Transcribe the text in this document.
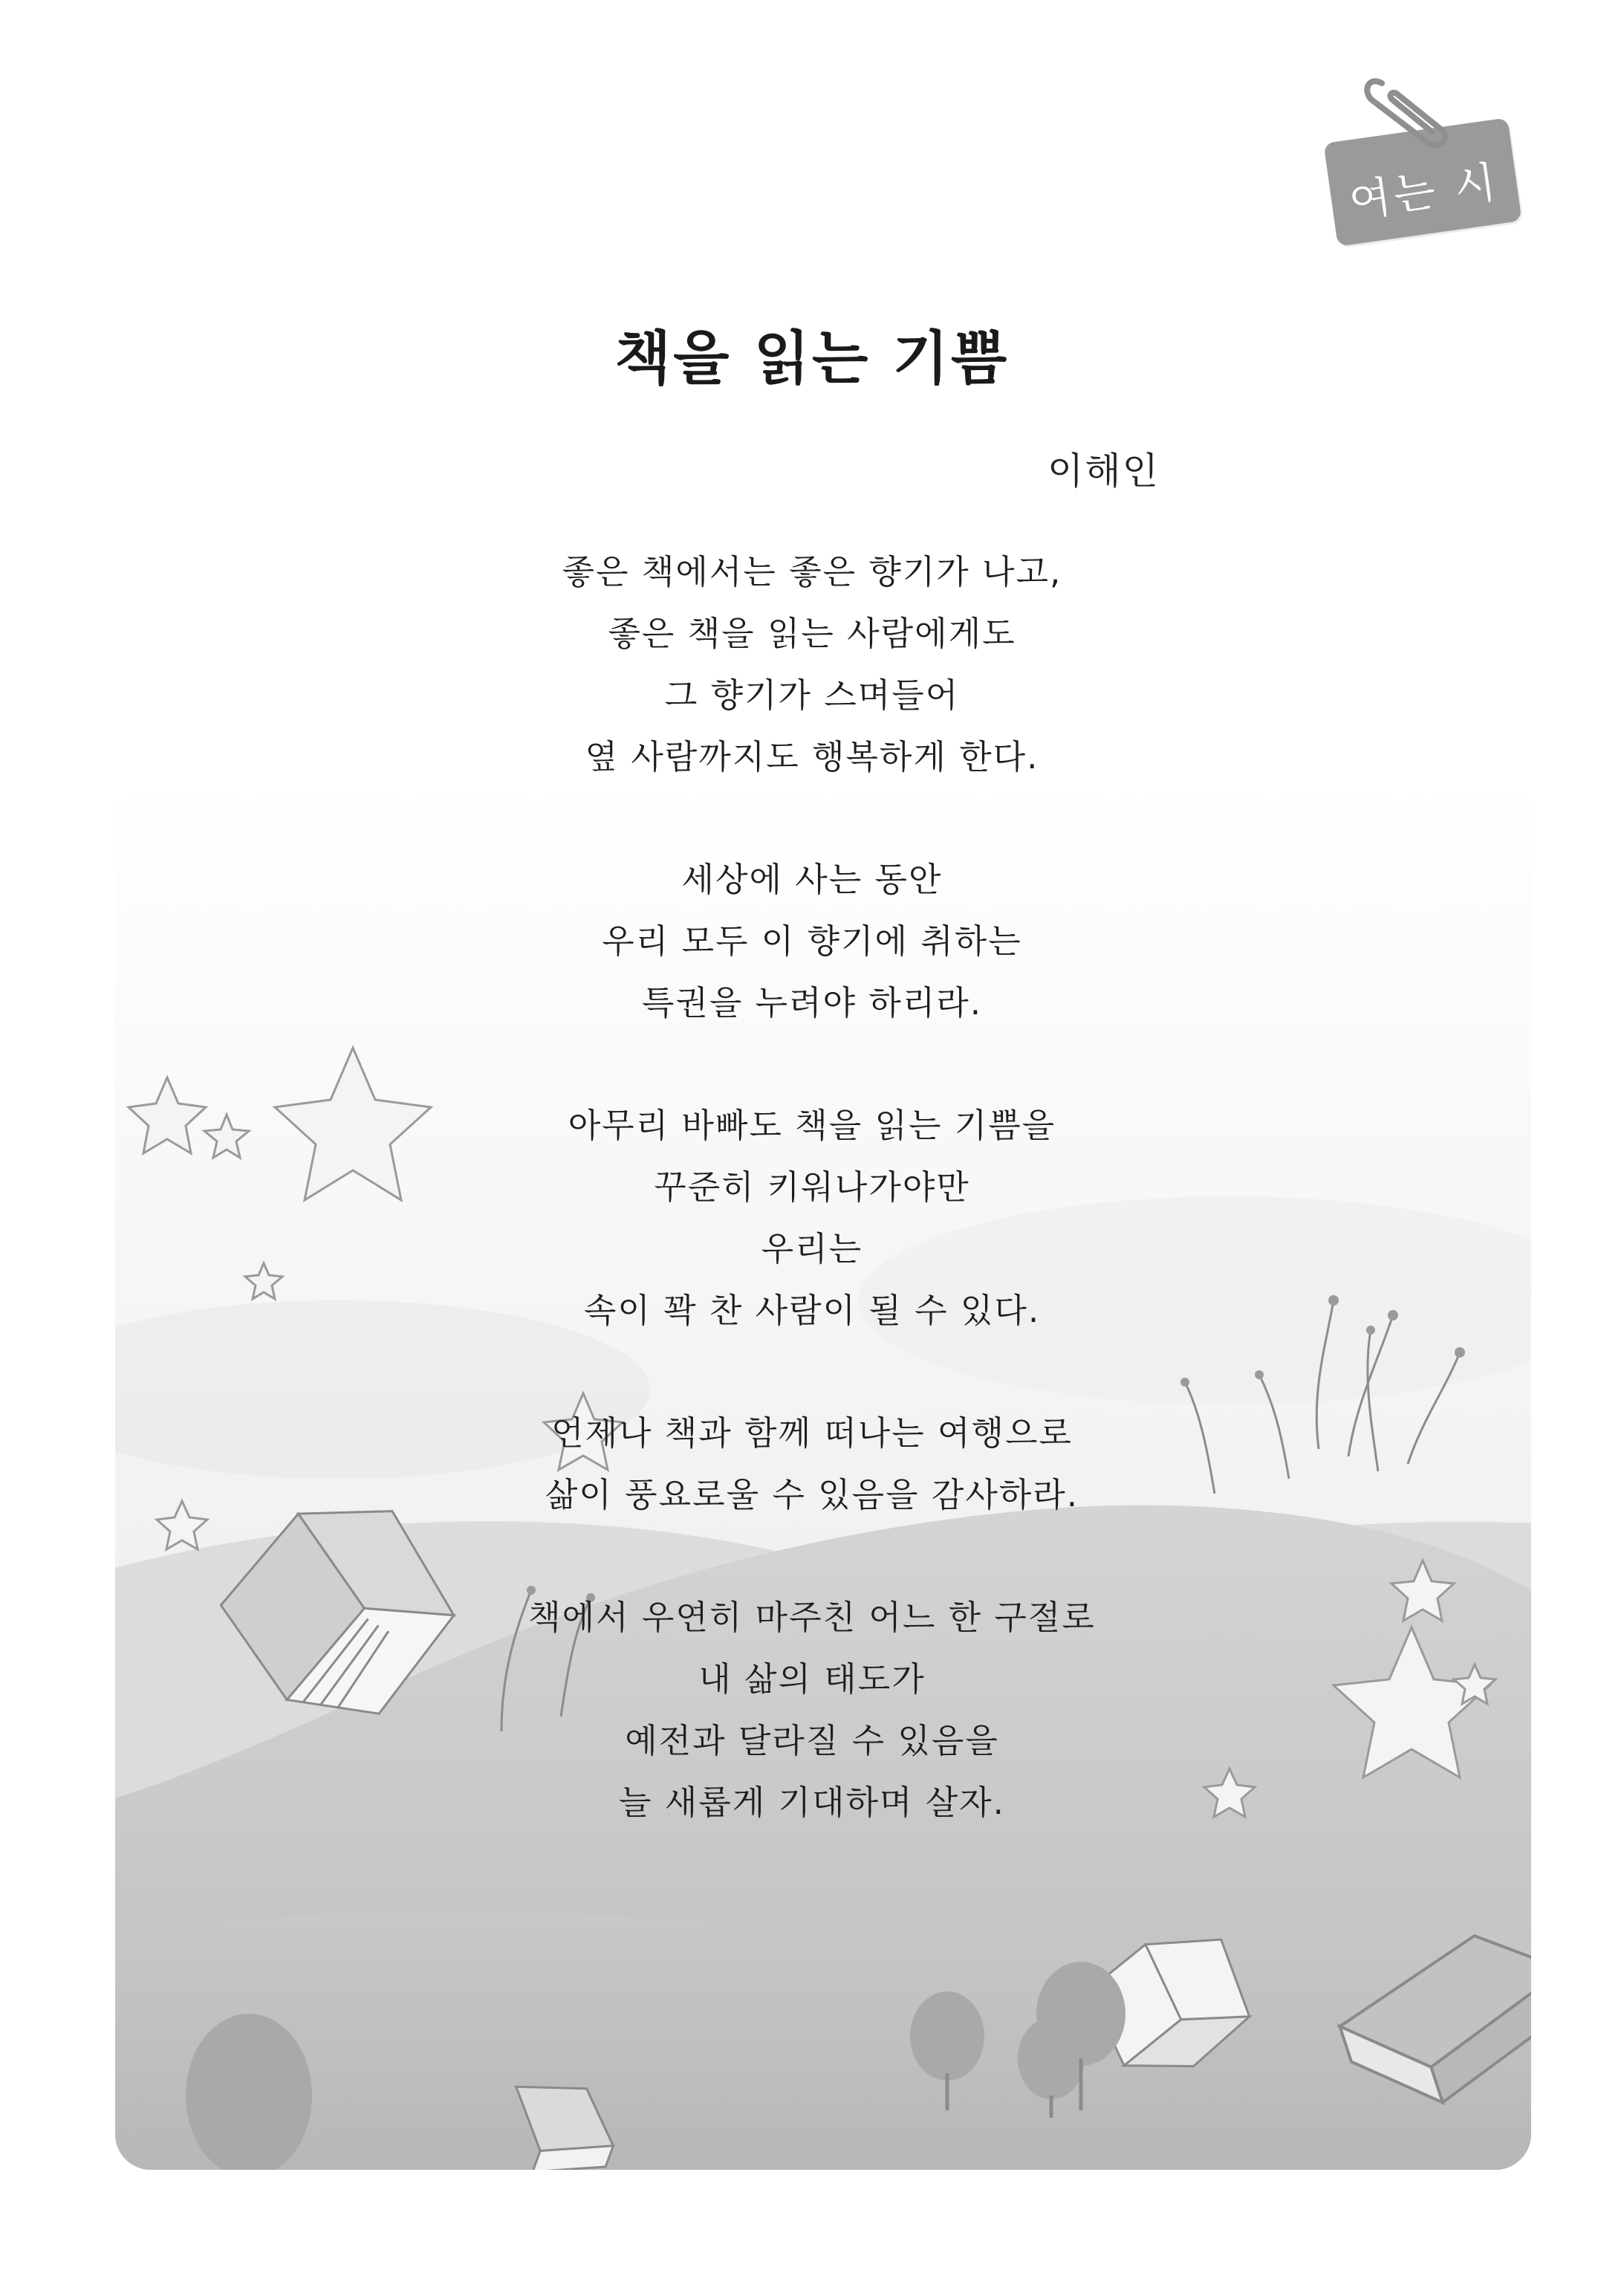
여는 시
책을 읽는 기쁨
이해인
좋은 책에서는 좋은 향기가 나고,
좋은 책을 읽는 사람에게도
그 향기가 스며들어
옆 사람까지도 행복하게 한다.
세상에 사는 동안
우리 모두 이 향기에 취하는
특권을 누려야 하리라.
아무리 바빠도 책을 읽는 기쁨을
꾸준히 키워나가야만
우리는
속이 꽉 찬 사람이 될 수 있다.
언제나 책과 함께 떠나는 여행으로
삶이 풍요로울 수 있음을 감사하라.
책에서 우연히 마주친 어느 한 구절로
내 삶의 태도가
예전과 달라질 수 있음을
늘 새롭게 기대하며 살자.
